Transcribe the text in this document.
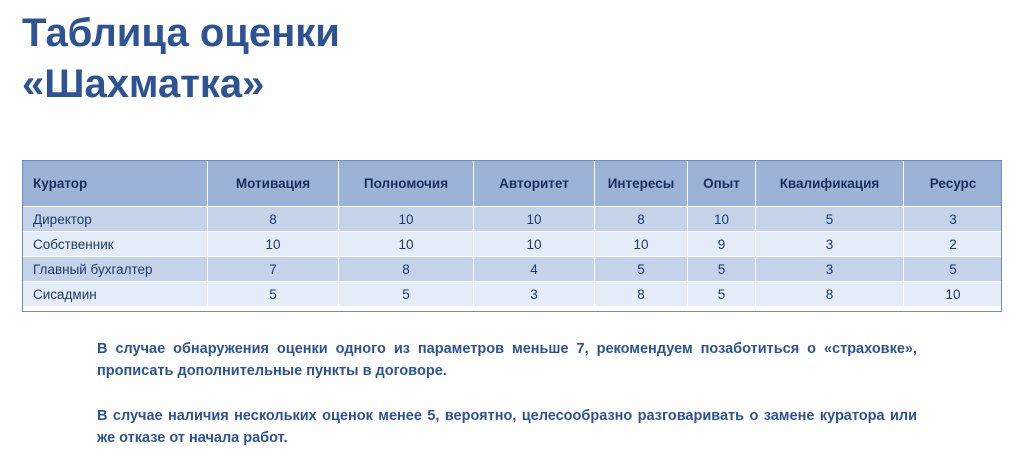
Таблица оценки
«Шахматка»
Куратор	Мотивация	Полномочия	Авторитет	Интересы	Опыт	Квалификация	Ресурс
Директор	8	10	10	8	10	5	3
Собственник	10	10	10	10	9	3	2
Главный бухгалтер	7	8	4	5	5	3	5
Сисадмин	5	5	3	8	5	8	10

В случае обнаружения оценки одного из параметров меньше 7, рекомендуем позаботиться о «страховке», прописать дополнительные пункты в договоре.

В случае наличия нескольких оценок менее 5, вероятно, целесообразно разговаривать о замене куратора или же отказе от начала работ.
